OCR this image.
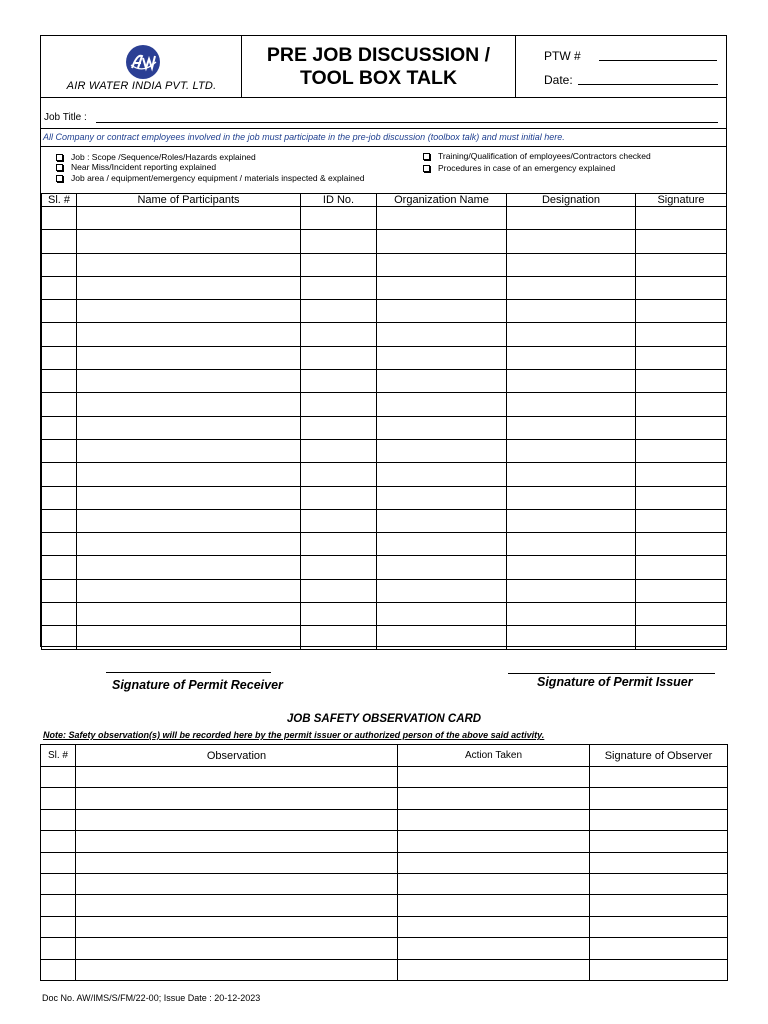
AIR WATER INDIA PVT. LTD.
PRE JOB DISCUSSION /
TOOL BOX TALK
PTW #
Date:
Job Title :
All Company or contract employees involved in the job must participate in the pre-job discussion (toolbox talk) and must initial here.
Job : Scope /Sequence/Roles/Hazards explained
Near Miss/Incident reporting explained
Job area / equipment/emergency equipment / materials inspected & explained
Training/Qualification of employees/Contractors checked
Procedures in case of an emergency explained
Sl. #	Name of Participants	ID No.	Organization Name	Designation	Signature

Signature of Permit Receiver	Signature of Permit Issuer
JOB SAFETY OBSERVATION CARD
Note: Safety observation(s) will be recorded here by the permit issuer or authorized person of the above said activity.
Sl. #	Observation	Action Taken	Signature of Observer

Doc No. AW/IMS/S/FM/22-00; Issue Date : 20-12-2023
